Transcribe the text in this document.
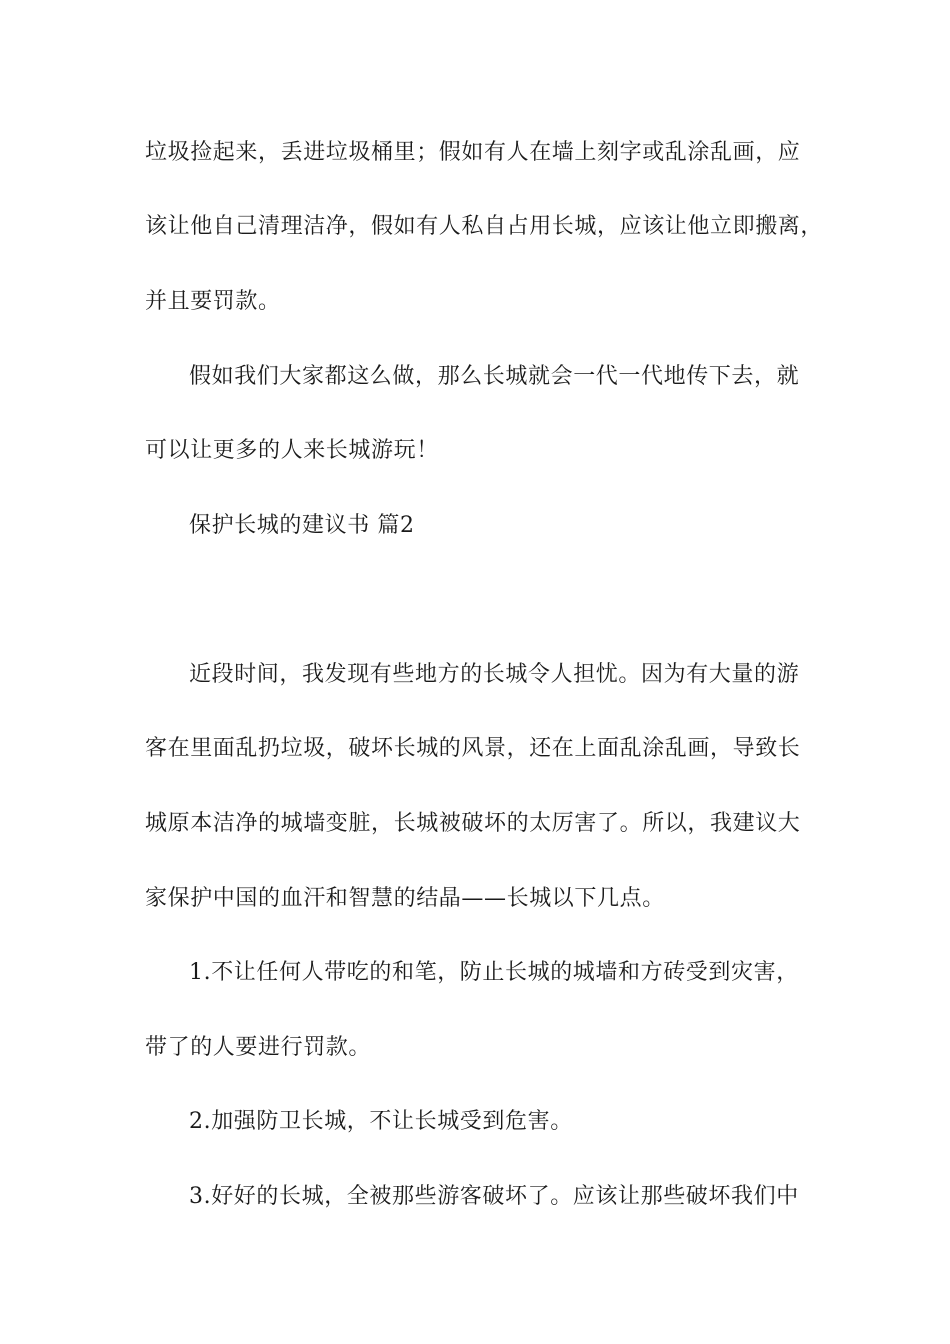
垃圾捡起来，丢进垃圾桶里；假如有人在墙上刻字或乱涂乱画，应
该让他自己清理洁净，假如有人私自占用长城，应该让他立即搬离，
并且要罚款。
假如我们大家都这么做，那么长城就会一代一代地传下去，就
可以让更多的人来长城游玩！
保护长城的建议书 篇2
近段时间，我发现有些地方的长城令人担忧。因为有大量的游
客在里面乱扔垃圾，破坏长城的风景，还在上面乱涂乱画，导致长
城原本洁净的城墙变脏，长城被破坏的太厉害了。所以，我建议大
家保护中国的血汗和智慧的结晶——长城以下几点。
1.不让任何人带吃的和笔，防止长城的城墙和方砖受到灾害，
带了的人要进行罚款。
2.加强防卫长城，不让长城受到危害。
3.好好的长城，全被那些游客破坏了。应该让那些破坏我们中
